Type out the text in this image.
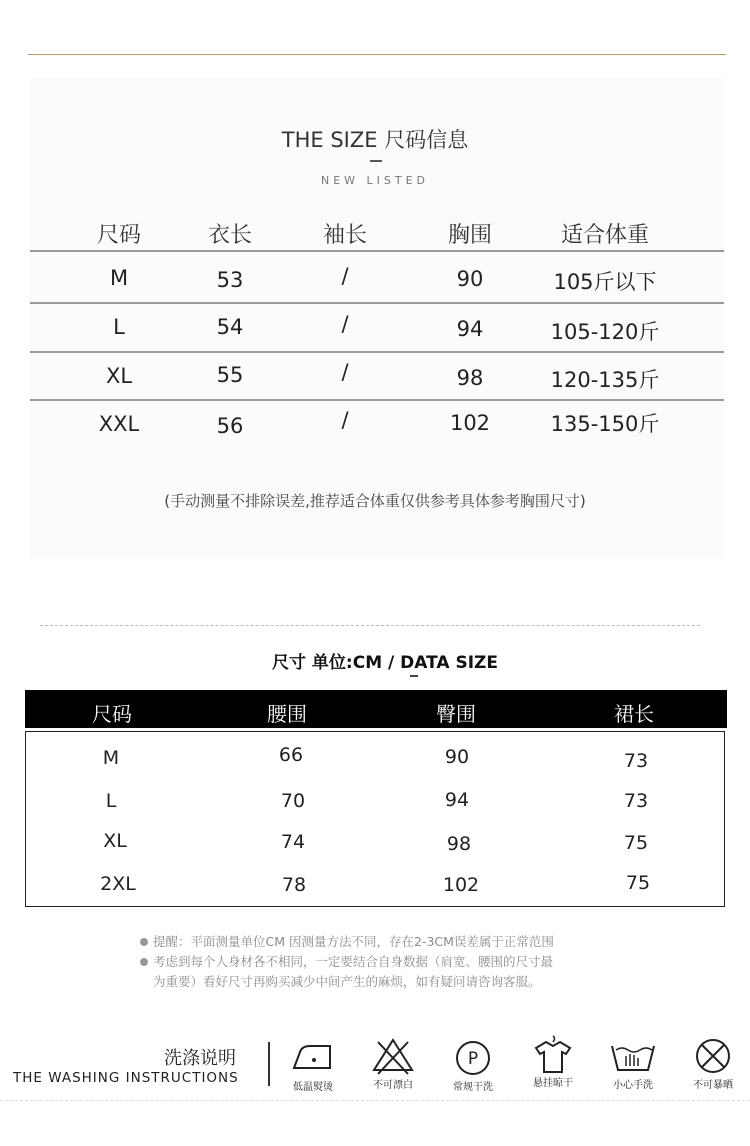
THE SIZE 尺码信息
NEW LISTED
尺码	衣长	袖长	胸围	适合体重
M	53	/	90	105斤以下
L	54	/	94	105-120斤
XL	55	/	98	120-135斤
XXL	56	/	102	135-150斤
(手动测量不排除误差,推荐适合体重仅供参考具体参考胸围尺寸)
尺寸 单位:CM / DATA SIZE
尺码	腰围	臀围	裙长
M	66	90	73
L	70	94	73
XL	74	98	75
2XL	78	102	75
提醒：平面测量单位CM 因测量方法不同，存在2-3CM误差属于正常范围
考虑到每个人身材各不相同，一定要结合自身数据（肩宽、腰围的尺寸最
为重要）看好尺寸再购买减少中间产生的麻烦，如有疑问请咨询客服。
洗涤说明
THE WASHING INSTRUCTIONS
低温熨烫	不可漂白
P
常规干洗	悬挂晾干	小心手洗	不可暴晒
